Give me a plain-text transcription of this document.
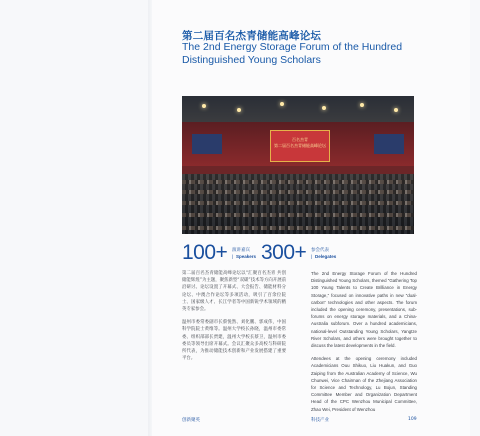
第二届百名杰青储能高峰论坛
The 2nd Energy Storage Forum of the Hundred Distinguished Young Scholars
百名杰青
第二届百名杰青储能高峰论坛
100+ 演讲嘉宾
| Speakers 300+ 参会代表
| Delegates

第二届百名杰青储能高峰论坛以“汇聚百名杰青 共创储能辉煌”为主题，聚焦新型“双碳”技术等方向开展前沿研讨。论坛设置了开幕式、大会报告、储能材料分论坛、中澳合作论坛等多项活动，吸引了百余位院士、国家级人才、长江学者等中国新锐学术领域的精英专家参会。

温州市委常委副市长蔡悦然、刘化鹏、郭成伟，中国科学院院士黄维等。温州大学校长孙晓，温州市委常委、组织部部长贾建，温州大学校长蔡卫，温州市委委员等领导出席开幕式。会议汇聚众多高校与科研院所代表，为推动储能技术创新和产业发展搭建了重要平台。

The 2nd Energy Storage Forum of the Hundred Distinguished Young Scholars, themed “Gathering Top 100 Young Talents to Create Brilliance in Energy Storage,” focused on innovative paths in new “dual-carbon” technologies and other aspects. The forum included the opening ceremony, presentations, sub-forums on energy storage materials, and a China-Australia subforum. Over a hundred academicians, national-level Outstanding Young Scholars, Yangtze River Scholars, and others were brought together to discuss the latest developments in the field.

Attendees at the opening ceremony included Academicians Ouu Shikuo, Liu Huakun, and Guo Zaiping from the Australian Academy of Science, Wu Chunwei, Vice Chairman of the Zhejiang Association for Science and Technology, Lu Bojun, Standing Committee Member and Organization Department Head of the CPC Wenzhou Municipal Committee, Zhao Wei, President of Wenzhou

创新聚英	科技产业	109
